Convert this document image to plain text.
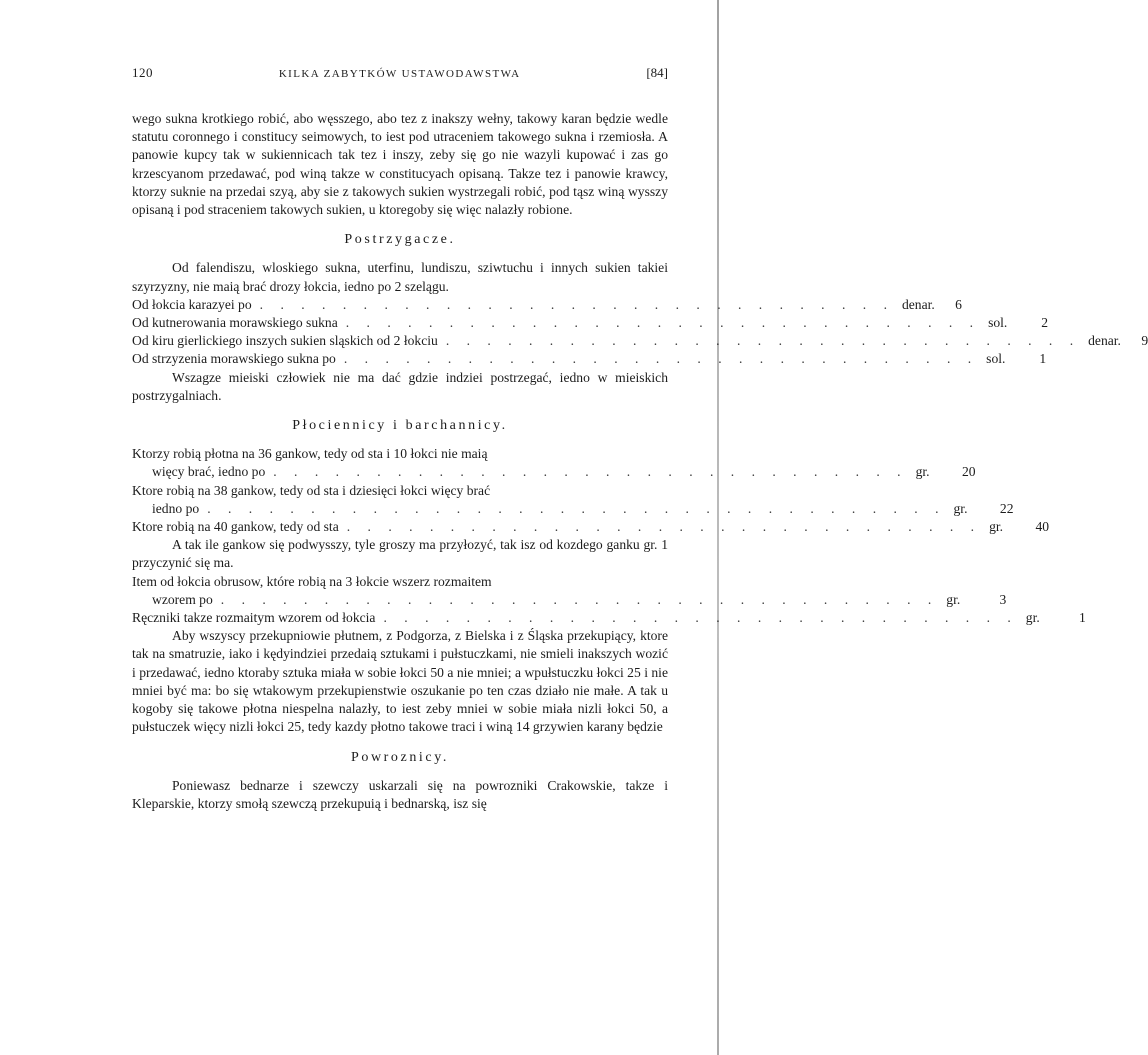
120	KILKA ZABYTKÓW USTAWODAWSTWA	[84]

wego sukna krotkiego robić, abo węsszego, abo tez z inakszy wełny, takowy karan będzie wedle statutu coronnego i constitucy seimowych, to iest pod utraceniem takowego sukna i rzemiosła. A panowie kupcy tak w sukiennicach tak tez i inszy, zeby się go nie wazyli kupować i zas go krzescyanom przedawać, pod winą takze w constitucyach opisaną. Takze tez i panowie krawcy, ktorzy suknie na przedai szyą, aby sie z takowych sukien wystrzegali robić, pod tąsz winą wysszy opisaną i pod straceniem takowych sukien, u ktoregoby się więc nalazły robione.

Postrzygacze.

Od falendiszu, wloskiego sukna, uterfinu, lundiszu, sziwtuchu i innych sukien takiei szyrzyzny, nie maią brać drozy łokcia, iedno po 2 szelągu.

Od łokcia karazyei po . . . . . . . . . . . . . . . . . . . . . . . . . . . . . . . denar.	6
Od kutnerowania morawskiego sukna . . . . . . . . . . . . . . . . . . . . . . . . . . . . . . . sol.	2
Od kiru gierlickiego inszych sukien sląskich od 2 łokciu . . . . . . . . . . . . . . . . . . . . . . . . . . . . . . . denar.	9
Od strzyzenia morawskiego sukna po . . . . . . . . . . . . . . . . . . . . . . . . . . . . . . . sol.	1

Wszagze mieiski człowiek nie ma dać gdzie indziei postrzegać, iedno w mieiskich postrzygalniach.

Płociennicy i barchannicy.
Ktorzy robią płotna na 36 gankow, tedy od sta i 10 łokci nie maią
więcy brać, iedno po . . . . . . . . . . . . . . . . . . . . . . . . . . . . . . . gr.	20
Ktore robią na 38 gankow, tedy od sta i dziesięci łokci więcy brać
iedno po . . . . . . . . . . . . . . . . . . . . . . . . . . . . . . . . . . . . gr.	22
Ktore robią na 40 gankow, tedy od sta . . . . . . . . . . . . . . . . . . . . . . . . . . . . . . . gr.	40

A tak ile gankow się podwysszy, tyle groszy ma przyłozyć, tak isz od kozdego ganku gr. 1 przyczynić się ma.

Item od łokcia obrusow, które robią na 3 łokcie wszerz rozmaitem
wzorem po . . . . . . . . . . . . . . . . . . . . . . . . . . . . . . . . . . . gr.	3
Ręczniki takze rozmaitym wzorem od łokcia . . . . . . . . . . . . . . . . . . . . . . . . . . . . . . . gr.	1

Aby wszyscy przekupniowie płutnem, z Podgorza, z Bielska i z Śląska przekupiący, ktore tak na smatruzie, iako i kędyindziei przedaią sztukami i pułstuczkami, nie smieli inakszych wozić i przedawać, iedno ktoraby sztuka miała w sobie łokci 50 a nie mniei; a wpułstuczku łokci 25 i nie mniei być ma: bo się wtakowym przekupienstwie oszukanie po ten czas działo nie małe. A tak u kogoby się takowe płotna niespelna nalazły, to iest zeby mniei w sobie miała nizli łokci 50, a pułstuczek więcy nizli łokci 25, tedy kazdy płotno takowe traci i winą 14 grzywien karany będzie

Powroznicy.

Poniewasz bednarze i szewczy uskarzali się na powrozniki Crakowskie, takze i Kleparskie, ktorzy smołą szewczą przekupuią i bednarską, isz się
